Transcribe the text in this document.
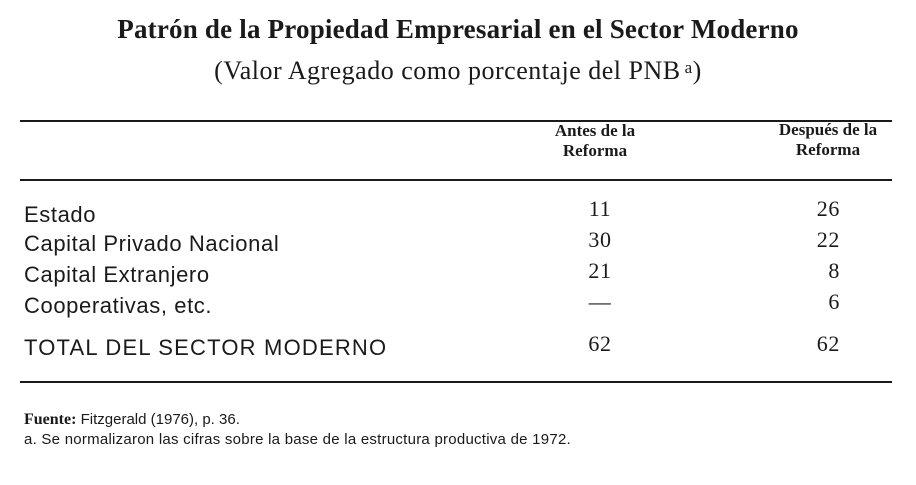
Patrón de la Propiedad Empresarial en el Sector Moderno
(Valor Agregado como porcentaje del PNB $^a$)
Antes de la
Reforma
Después de la
Reforma
Estado	11	26
Capital Privado Nacional	30	22
Capital Extranjero	21	8
Cooperativas, etc.	—	6
TOTAL DEL SECTOR MODERNO	62	62
Fuente: Fitzgerald (1976), p. 36.
a. Se normalizaron las cifras sobre la base de la estructura productiva de 1972.
